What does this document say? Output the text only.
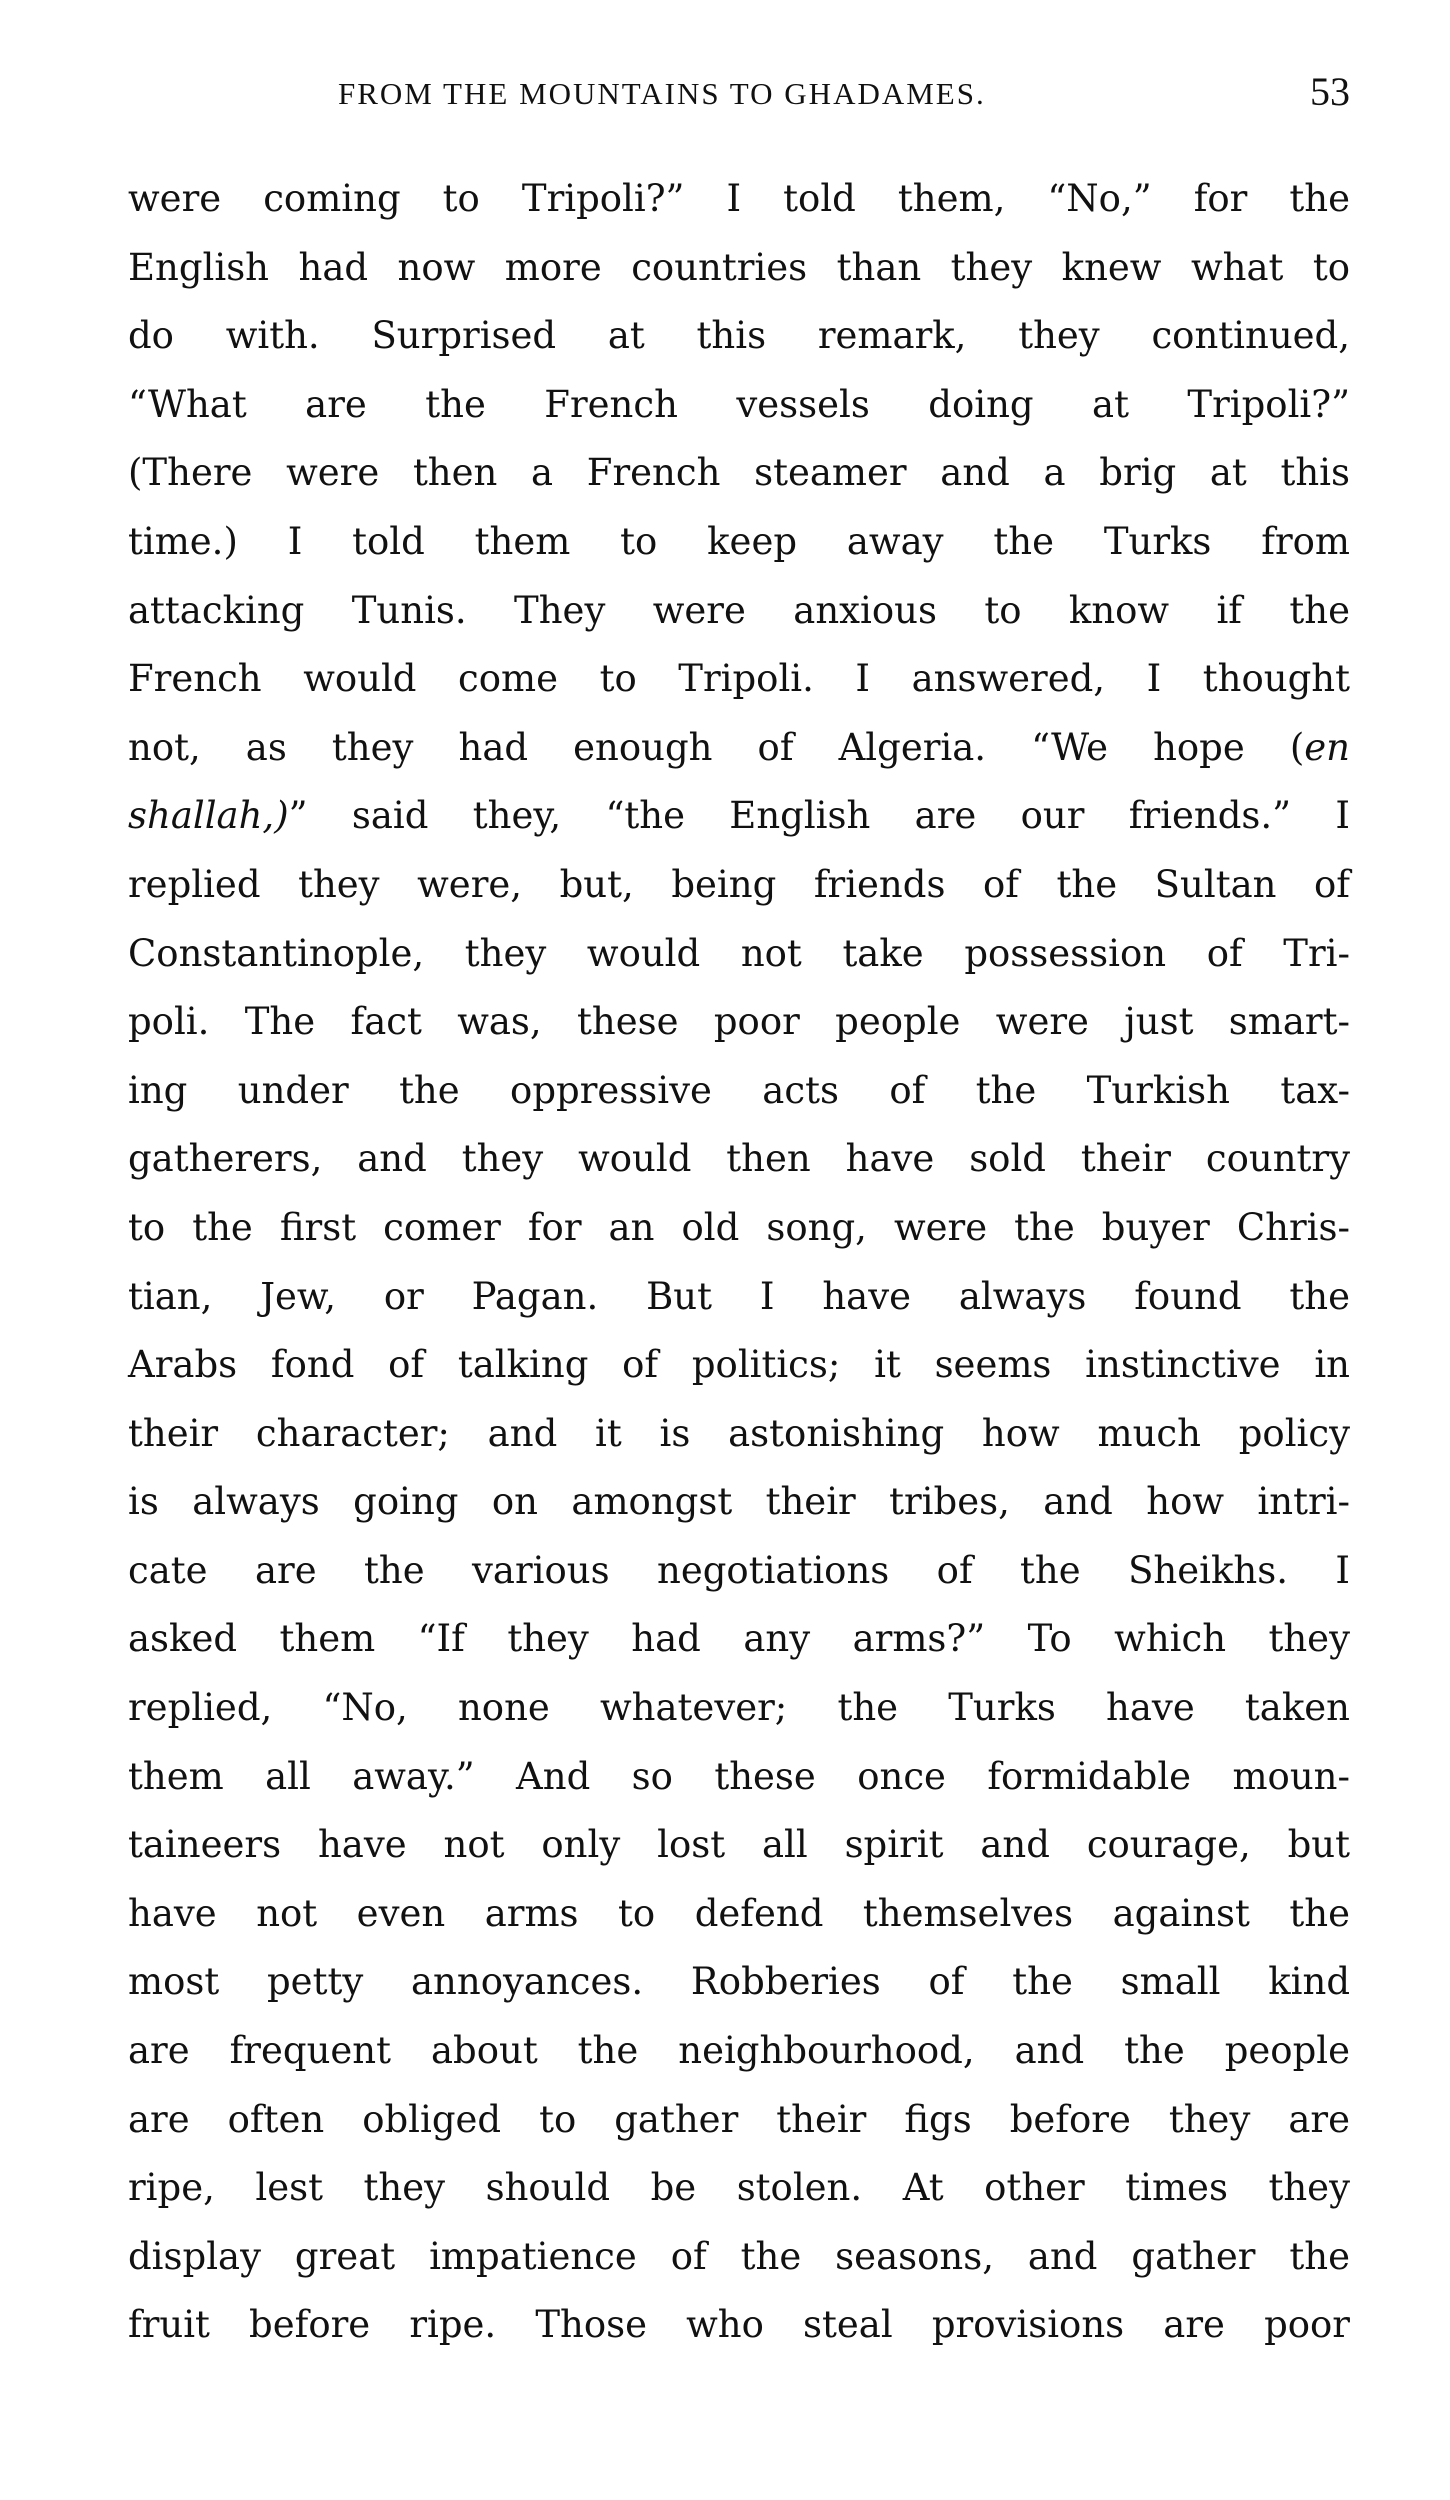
FROM THE MOUNTAINS TO GHADAMES.	53
were coming to Tripoli?” I told them, “No,” for the
English had now more countries than they knew what to
do with. Surprised at this remark, they continued,
“What are the French vessels doing at Tripoli?”
(There were then a French steamer and a brig at this
time.) I told them to keep away the Turks from
attacking Tunis. They were anxious to know if the
French would come to Tripoli. I answered, I thought
not, as they had enough of Algeria. “We hope (en
shallah,)” said they, “the English are our friends.” I
replied they were, but, being friends of the Sultan of
Constantinople, they would not take possession of Tri-
poli. The fact was, these poor people were just smart-
ing under the oppressive acts of the Turkish tax-
gatherers, and they would then have sold their country
to the first comer for an old song, were the buyer Chris-
tian, Jew, or Pagan. But I have always found the
Arabs fond of talking of politics; it seems instinctive in
their character; and it is astonishing how much policy
is always going on amongst their tribes, and how intri-
cate are the various negotiations of the Sheikhs. I
asked them “If they had any arms?” To which they
replied, “No, none whatever; the Turks have taken
them all away.” And so these once formidable moun-
taineers have not only lost all spirit and courage, but
have not even arms to defend themselves against the
most petty annoyances. Robberies of the small kind
are frequent about the neighbourhood, and the people
are often obliged to gather their figs before they are
ripe, lest they should be stolen. At other times they
display great impatience of the seasons, and gather the
fruit before ripe. Those who steal provisions are poor
